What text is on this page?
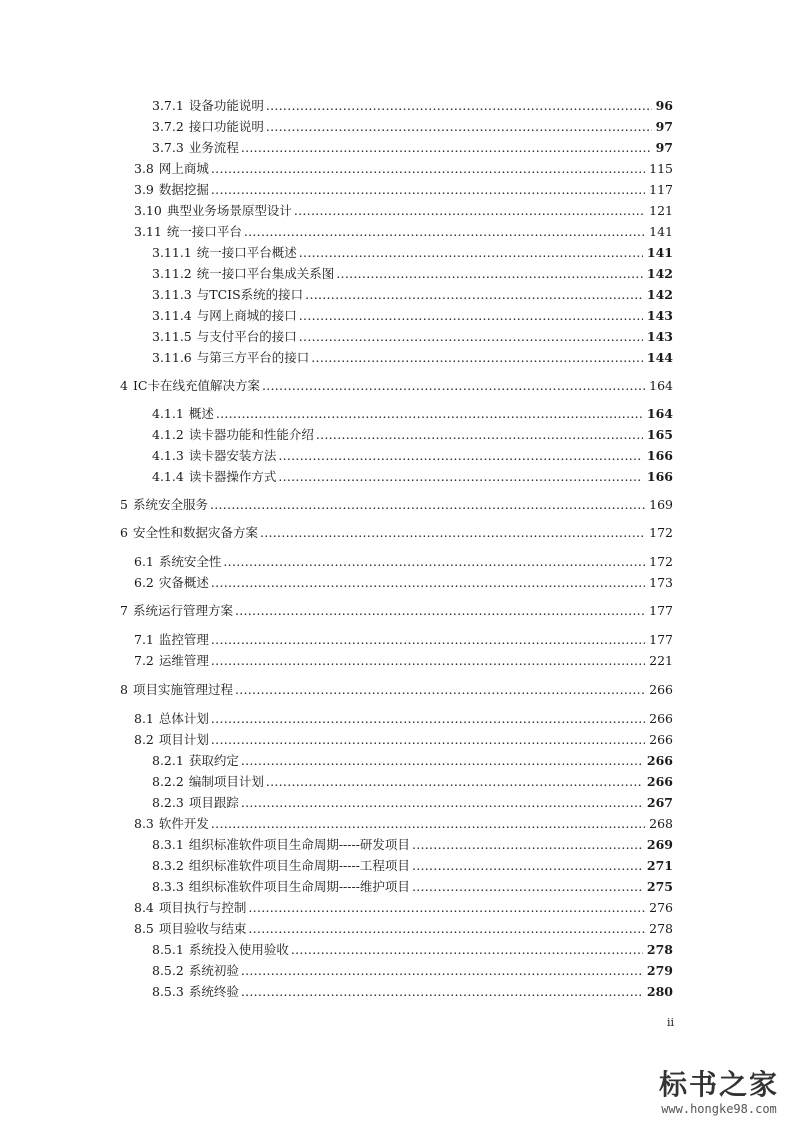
3.7.1 设备功能说明 .....	96
3.7.2 接口功能说明 .....	97
3.7.3 业务流程 .....	97
3.8 网上商城 .....	115
3.9 数据挖掘 .....	117
3.10 典型业务场景原型设计 .....	121
3.11 统一接口平台 .....	141
3.11.1 统一接口平台概述 .....	141
3.11.2 统一接口平台集成关系图 .....	142
3.11.3 与TCIS系统的接口 .....	142
3.11.4 与网上商城的接口 .....	143
3.11.5 与支付平台的接口 .....	143
3.11.6 与第三方平台的接口 .....	144
4 IC卡在线充值解决方案 .....	164
4.1.1 概述 .....	164
4.1.2 读卡器功能和性能介绍 .....	165
4.1.3 读卡器安装方法 .....	166
4.1.4 读卡器操作方式 .....	166
5 系统安全服务 .....	169
6 安全性和数据灾备方案 .....	172
6.1 系统安全性 .....	172
6.2 灾备概述 .....	173
7 系统运行管理方案 .....	177
7.1 监控管理 .....	177
7.2 运维管理 .....	221
8 项目实施管理过程 .....	266
8.1 总体计划 .....	266
8.2 项目计划 .....	266
8.2.1 获取约定 .....	266
8.2.2 编制项目计划 .....	266
8.2.3 项目跟踪 .....	267
8.3 软件开发 .....	268
8.3.1 组织标准软件项目生命周期-----研发项目 .....	269
8.3.2 组织标准软件项目生命周期-----工程项目 .....	271
8.3.3 组织标准软件项目生命周期-----维护项目 .....	275
8.4 项目执行与控制 .....	276
8.5 项目验收与结束 .....	278
8.5.1 系统投入使用验收 .....	278
8.5.2 系统初验 .....	279
8.5.3 系统终验 .....	280
ii
标书之家
www.hongke98.com
